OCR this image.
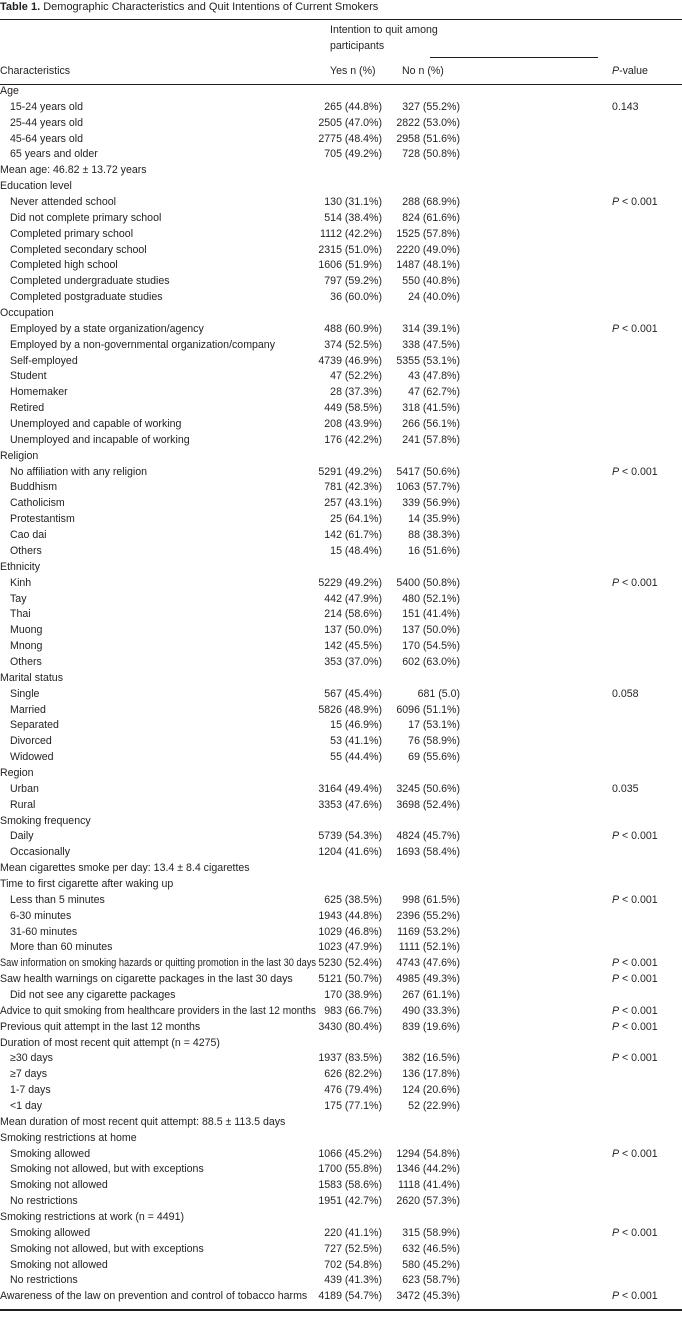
Table 1. Demographic Characteristics and Quit Intentions of Current Smokers
Intention to quit among
participants
Characteristics	Yes n (%) No n (%)	P-value
Age
15-24 years old	265 (44.8%) 327 (55.2%)	0.143
25-44 years old	2505 (47.0%) 2822 (53.0%)
45-64 years old	2775 (48.4%) 2958 (51.6%)
65 years and older	705 (49.2%) 728 (50.8%)
Mean age: 46.82 ± 13.72 years
Education level
Never attended school	130 (31.1%) 288 (68.9%)	P < 0.001
Did not complete primary school	514 (38.4%) 824 (61.6%)
Completed primary school	1112 (42.2%) 1525 (57.8%)
Completed secondary school	2315 (51.0%) 2220 (49.0%)
Completed high school	1606 (51.9%) 1487 (48.1%)
Completed undergraduate studies	797 (59.2%) 550 (40.8%)
Completed postgraduate studies	36 (60.0%) 24 (40.0%)
Occupation
Employed by a state organization/agency	488 (60.9%) 314 (39.1%)	P < 0.001
Employed by a non-governmental organization/company	374 (52.5%) 338 (47.5%)
Self-employed	4739 (46.9%) 5355 (53.1%)
Student	47 (52.2%) 43 (47.8%)
Homemaker	28 (37.3%) 47 (62.7%)
Retired	449 (58.5%) 318 (41.5%)
Unemployed and capable of working	208 (43.9%) 266 (56.1%)
Unemployed and incapable of working	176 (42.2%) 241 (57.8%)
Religion
No affiliation with any religion	5291 (49.2%) 5417 (50.6%)	P < 0.001
Buddhism	781 (42.3%) 1063 (57.7%)
Catholicism	257 (43.1%) 339 (56.9%)
Protestantism	25 (64.1%) 14 (35.9%)
Cao dai	142 (61.7%) 88 (38.3%)
Others	15 (48.4%) 16 (51.6%)
Ethnicity
Kinh	5229 (49.2%) 5400 (50.8%)	P < 0.001
Tay	442 (47.9%) 480 (52.1%)
Thai	214 (58.6%) 151 (41.4%)
Muong	137 (50.0%) 137 (50.0%)
Mnong	142 (45.5%) 170 (54.5%)
Others	353 (37.0%) 602 (63.0%)
Marital status
Single	567 (45.4%)	681 (5.0)	0.058
Married	5826 (48.9%) 6096 (51.1%)
Separated	15 (46.9%) 17 (53.1%)
Divorced	53 (41.1%) 76 (58.9%)
Widowed	55 (44.4%) 69 (55.6%)
Region
Urban	3164 (49.4%) 3245 (50.6%)	0.035
Rural	3353 (47.6%) 3698 (52.4%)
Smoking frequency
Daily	5739 (54.3%) 4824 (45.7%)	P < 0.001
Occasionally	1204 (41.6%) 1693 (58.4%)
Mean cigarettes smoke per day: 13.4 ± 8.4 cigarettes
Time to first cigarette after waking up
Less than 5 minutes	625 (38.5%) 998 (61.5%)	P < 0.001
6-30 minutes	1943 (44.8%) 2396 (55.2%)
31-60 minutes	1029 (46.8%) 1169 (53.2%)
More than 60 minutes	1023 (47.9%) 1111 (52.1%)
Saw information on smoking hazards or quitting promotion in the last 30 days 5230 (52.4%) 4743 (47.6%)	P < 0.001
Saw health warnings on cigarette packages in the last 30 days 5121 (50.7%) 4985 (49.3%)	P < 0.001
Did not see any cigarette packages	170 (38.9%) 267 (61.1%)
Advice to quit smoking from healthcare providers in the last 12 months 983 (66.7%) 490 (33.3%)	P < 0.001
Previous quit attempt in the last 12 months	3430 (80.4%) 839 (19.6%)	P < 0.001
Duration of most recent quit attempt (n = 4275)
≥30 days	1937 (83.5%) 382 (16.5%)	P < 0.001
≥7 days	626 (82.2%) 136 (17.8%)
1-7 days	476 (79.4%) 124 (20.6%)
<1 day	175 (77.1%) 52 (22.9%)
Mean duration of most recent quit attempt: 88.5 ± 113.5 days
Smoking restrictions at home
Smoking allowed	1066 (45.2%) 1294 (54.8%)	P < 0.001
Smoking not allowed, but with exceptions	1700 (55.8%) 1346 (44.2%)
Smoking not allowed	1583 (58.6%) 1118 (41.4%)
No restrictions	1951 (42.7%) 2620 (57.3%)
Smoking restrictions at work (n = 4491)
Smoking allowed	220 (41.1%) 315 (58.9%)	P < 0.001
Smoking not allowed, but with exceptions	727 (52.5%) 632 (46.5%)
Smoking not allowed	702 (54.8%) 580 (45.2%)
No restrictions	439 (41.3%) 623 (58.7%)
Awareness of the law on prevention and control of tobacco harms 4189 (54.7%) 3472 (45.3%)	P < 0.001
